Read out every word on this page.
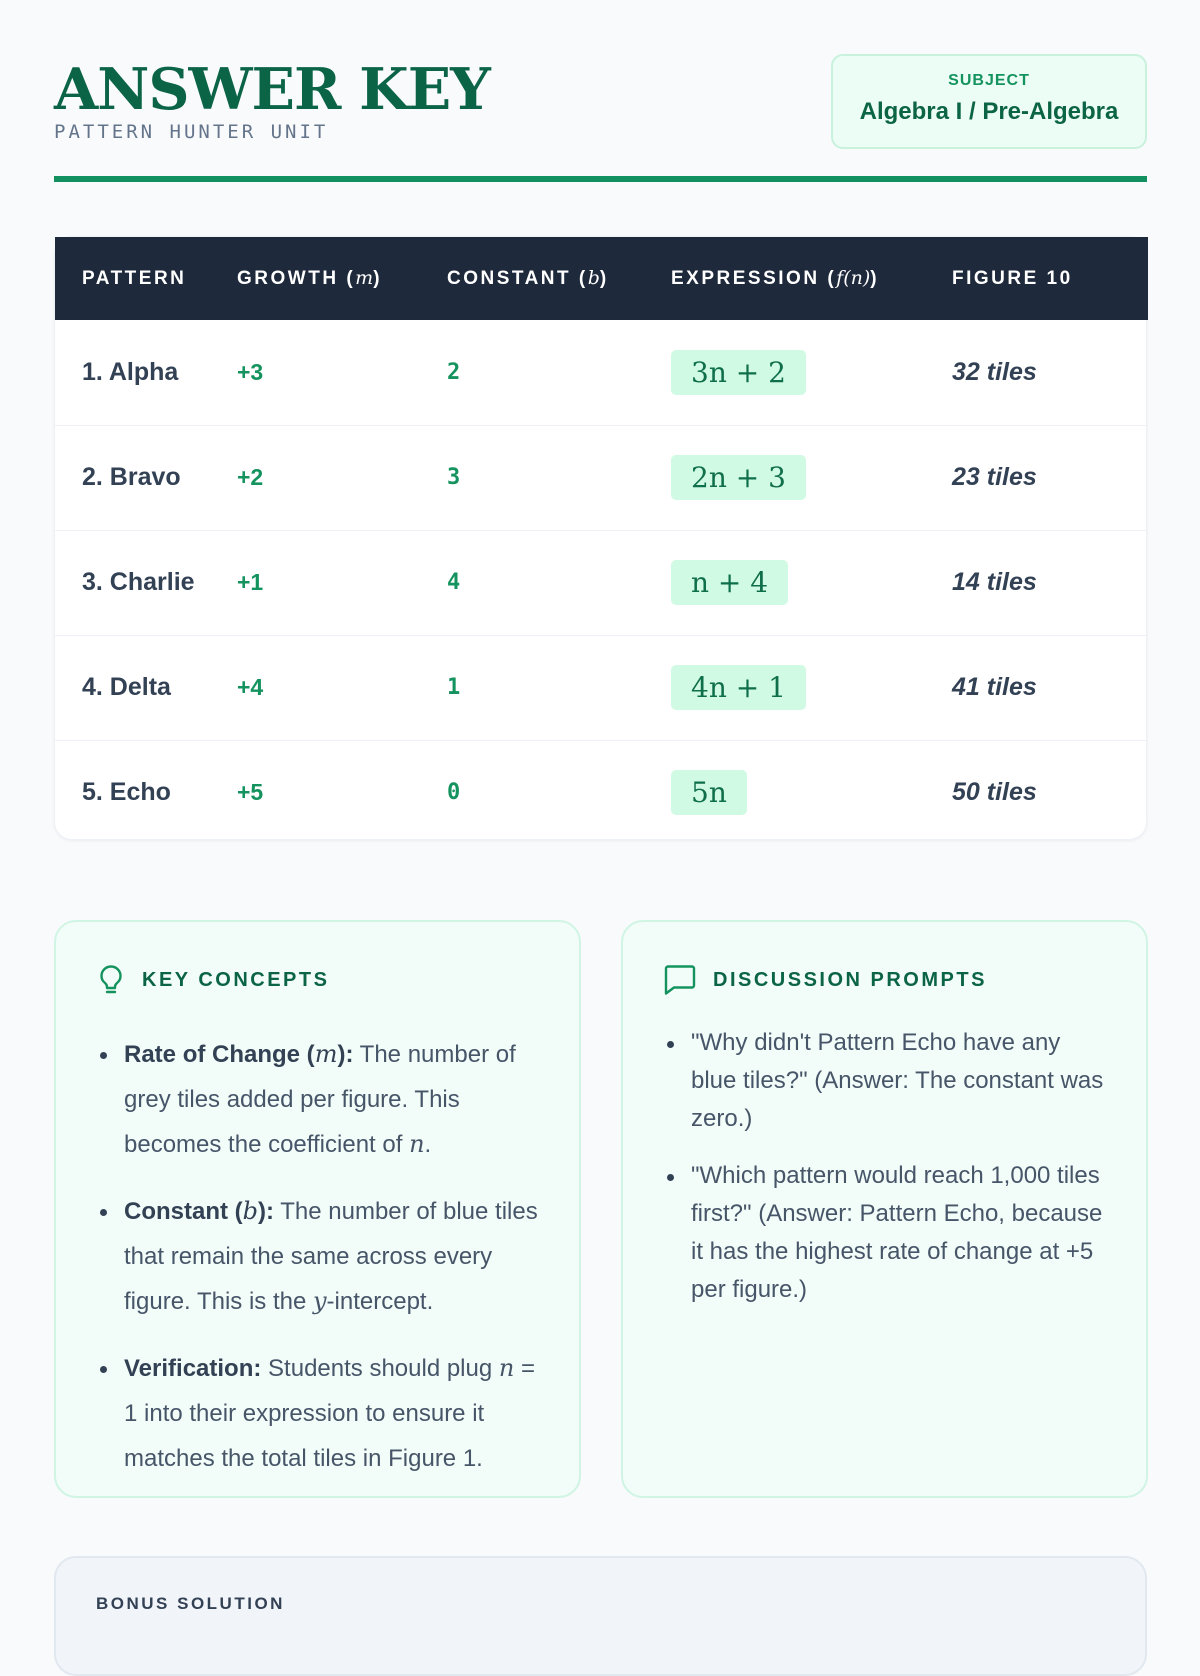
ANSWER KEY
PATTERN HUNTER UNIT
SUBJECT
Algebra I / Pre-Algebra
PATTERN	GROWTH (m)	CONSTANT (b)	EXPRESSION (f(n))	FIGURE 10
1. Alpha	+3	2	3n + 2	32 tiles
2. Bravo	+2	3	2n + 3	23 tiles
3. Charlie	+1	4	n + 4	14 tiles
4. Delta	+4	1	4n + 1	41 tiles
5. Echo	+5	0	5n	50 tiles
KEY CONCEPTS
Rate of Change (m): The number of grey tiles added per figure. This becomes the coefficient of n.
Constant (b): The number of blue tiles that remain the same across every figure. This is the y-intercept.
Verification: Students should plug n = 1 into their expression to ensure it matches the total tiles in Figure 1.
DISCUSSION PROMPTS
"Why didn't Pattern Echo have any blue tiles?" (Answer: The constant was zero.)
"Which pattern would reach 1,000 tiles first?" (Answer: Pattern Echo, because it has the highest rate of change at +5 per figure.)
BONUS SOLUTION
